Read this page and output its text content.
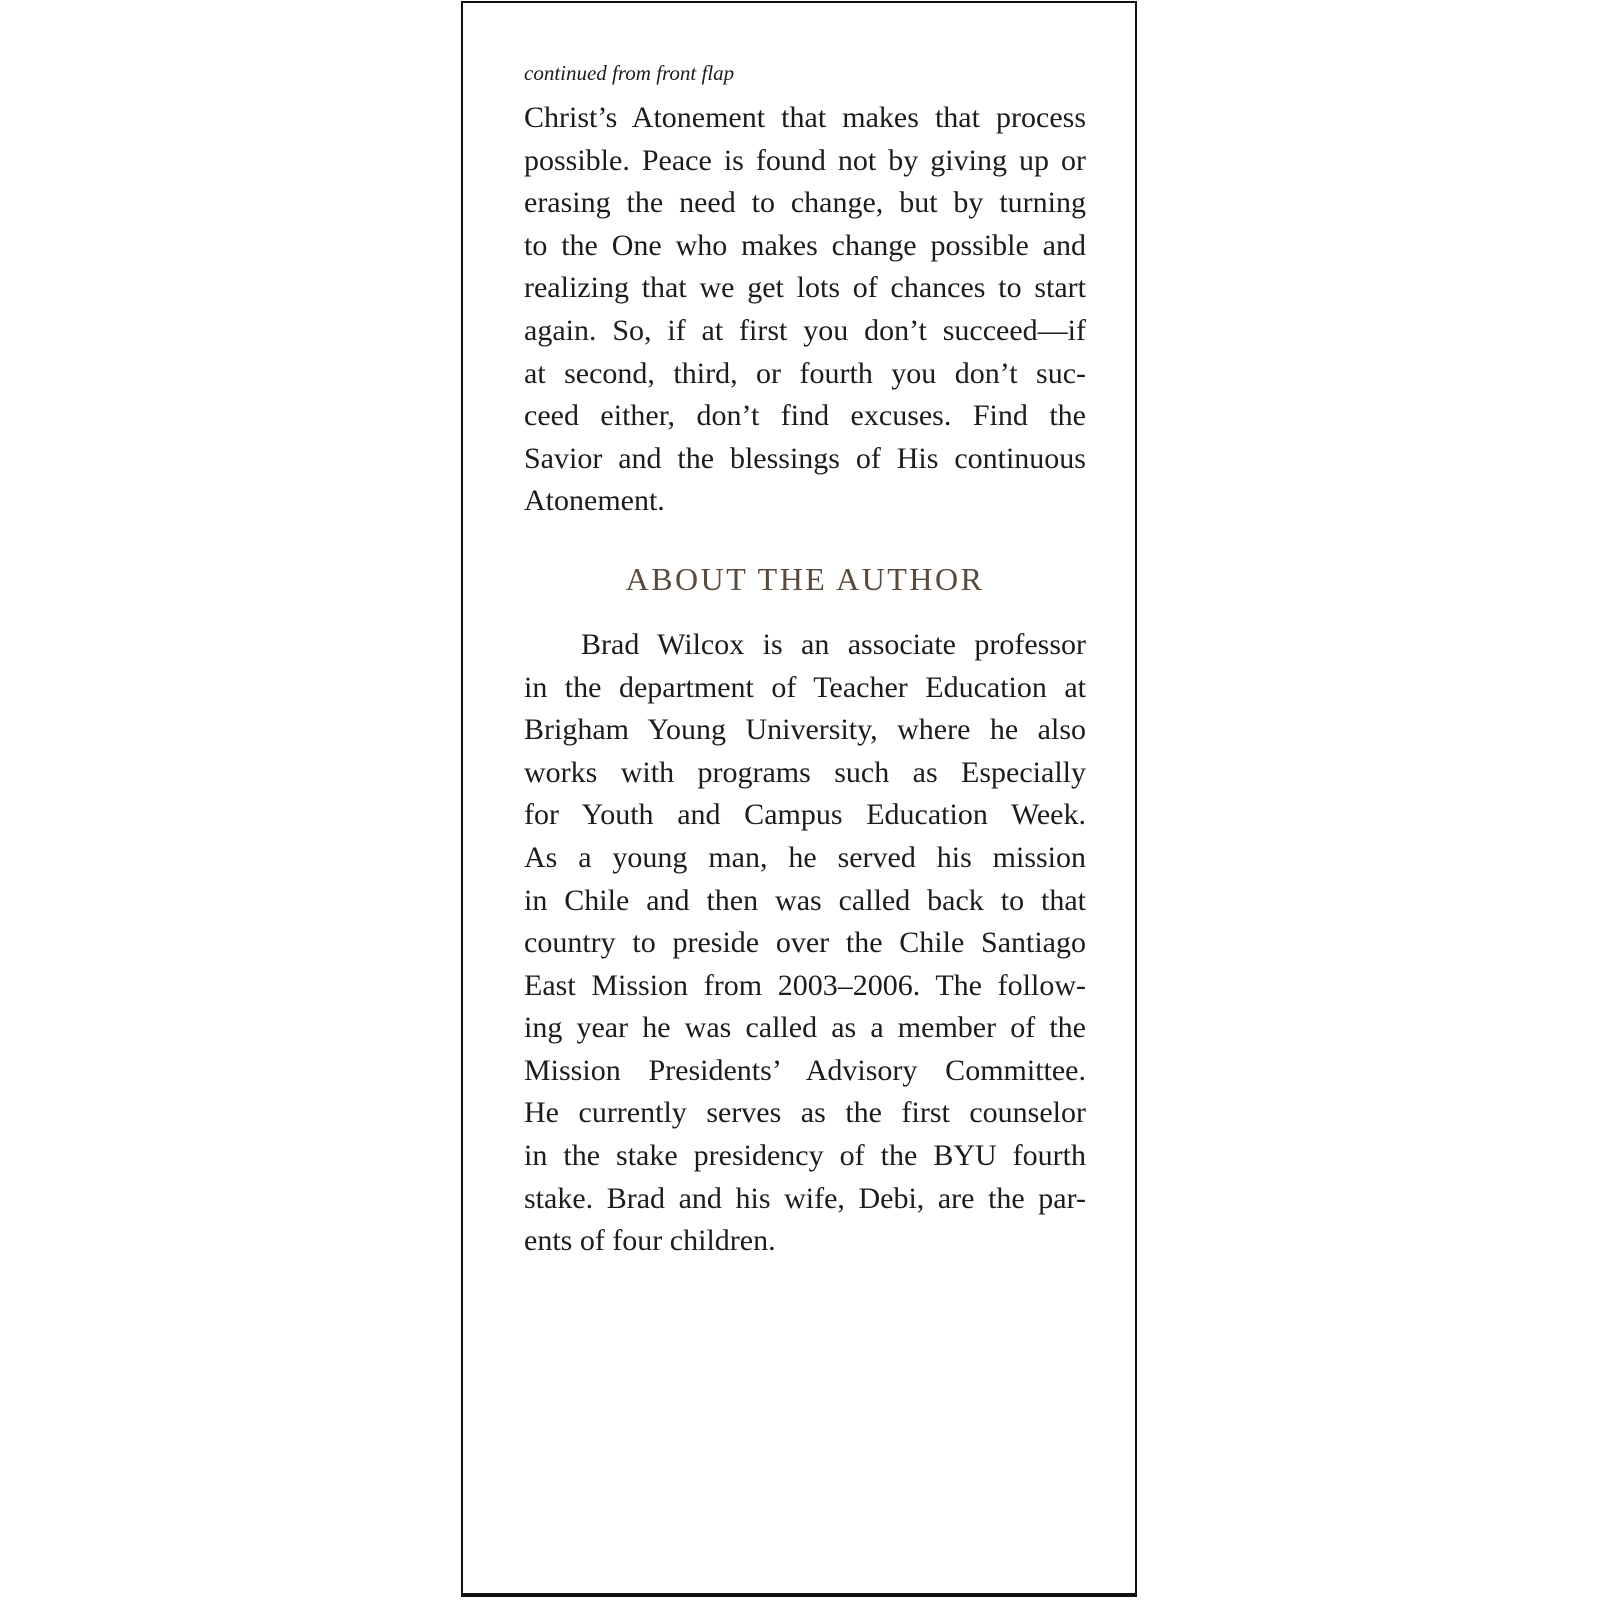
continued from front flap
Christ’s Atonement that makes that process
possible. Peace is found not by giving up or
erasing the need to change, but by turning
to the One who makes change possible and
realizing that we get lots of chances to start
again. So, if at first you don’t succeed—if
at second, third, or fourth you don’t suc-
ceed either, don’t find excuses. Find the
Savior and the blessings of His continuous
Atonement.
ABOUT THE AUTHOR
Brad Wilcox is an associate professor
in the department of Teacher Education at
Brigham Young University, where he also
works with programs such as Especially
for Youth and Campus Education Week.
As a young man, he served his mission
in Chile and then was called back to that
country to preside over the Chile Santiago
East Mission from 2003–2006. The follow-
ing year he was called as a member of the
Mission Presidents’ Advisory Committee.
He currently serves as the first counselor
in the stake presidency of the BYU fourth
stake. Brad and his wife, Debi, are the par-
ents of four children.
